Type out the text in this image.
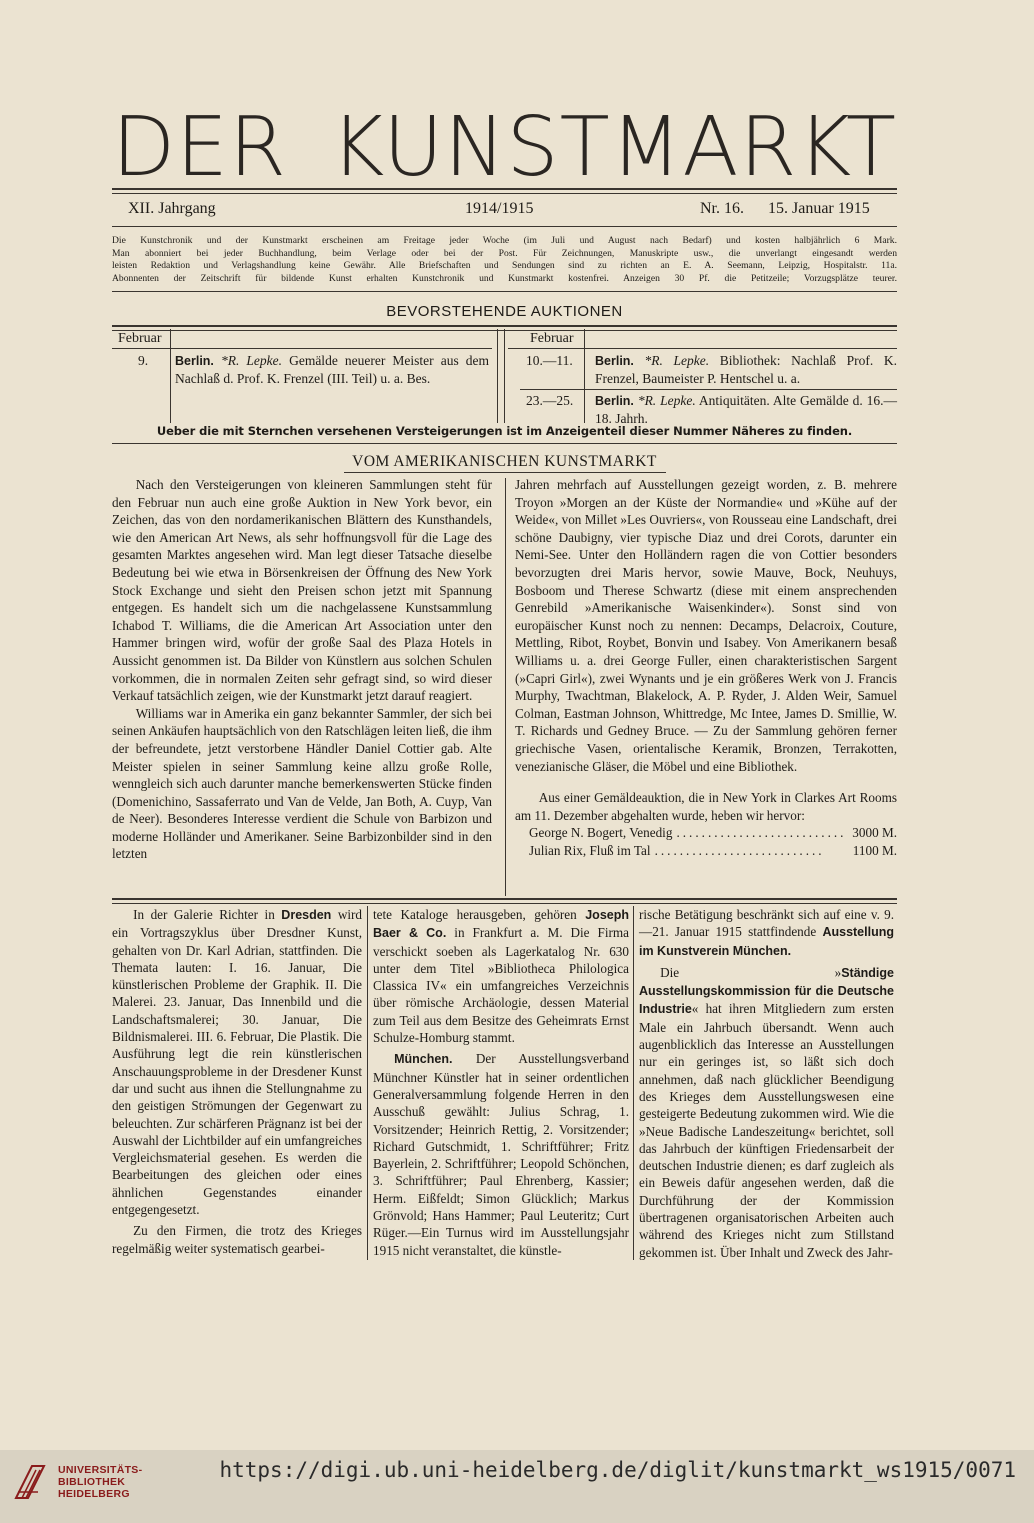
DER KUNSTMARKT
XII. Jahrgang	1914/1915	Nr. 16. 15. Januar 1915

Die Kunstchronik und der Kunstmarkt erscheinen am Freitage jeder Woche (im Juli und August nach Bedarf) und kosten halbjährlich 6 Mark.

Man abonniert bei jeder Buchhandlung, beim Verlage oder bei der Post. Für Zeichnungen, Manuskripte usw., die unverlangt eingesandt werden

leisten Redaktion und Verlagshandlung keine Gewähr. Alle Briefschaften und Sendungen sind zu richten an E. A. Seemann, Leipzig, Hospitalstr. 11a.

Abonnenten der Zeitschrift für bildende Kunst erhalten Kunstchronik und Kunstmarkt kostenfrei. Anzeigen 30 Pf. die Petitzeile; Vorzugsplätze teurer.

BEVORSTEHENDE AUKTIONEN
Februar
9. Berlin. *R. Lepke. Gemälde neuerer Meister aus dem Nachlaß d. Prof. K. Frenzel (III. Teil) u. a. Bes.
Februar
10.—11. Berlin. *R. Lepke. Bibliothek: Nachlaß Prof. K. Frenzel, Baumeister P. Hentschel u. a.
23.—25. Berlin. *R. Lepke. Antiquitäten. Alte Gemälde d. 16.—18. Jahrh.
Ueber die mit Sternchen versehenen Versteigerungen ist im Anzeigenteil dieser Nummer Näheres zu finden.
VOM AMERIKANISCHEN KUNSTMARKT

Nach den Versteigerungen von kleineren Sammlungen steht für den Februar nun auch eine große Auktion in New York bevor, ein Zeichen, das von den nordamerikanischen Blättern des Kunsthandels, wie den American Art News, als sehr hoffnungsvoll für die Lage des gesamten Marktes angesehen wird. Man legt dieser Tatsache dieselbe Bedeutung bei wie etwa in Börsenkreisen der Öffnung des New York Stock Exchange und sieht den Preisen schon jetzt mit Spannung entgegen. Es handelt sich um die nachgelassene Kunstsammlung Ichabod T. Williams, die die American Art Association unter den Hammer bringen wird, wofür der große Saal des Plaza Hotels in Aussicht genommen ist. Da Bilder von Künstlern aus solchen Schulen vorkommen, die in normalen Zeiten sehr gefragt sind, so wird dieser Verkauf tatsächlich zeigen, wie der Kunstmarkt jetzt darauf reagiert.

Williams war in Amerika ein ganz bekannter Sammler, der sich bei seinen Ankäufen hauptsächlich von den Ratschlägen leiten ließ, die ihm der befreundete, jetzt verstorbene Händler Daniel Cottier gab. Alte Meister spielen in seiner Sammlung keine allzu große Rolle, wenngleich sich auch darunter manche bemerkenswerten Stücke finden (Domenichino, Sassaferrato und Van de Velde, Jan Both, A. Cuyp, Van de Neer). Besonderes Interesse verdient die Schule von Barbizon und moderne Holländer und Amerikaner. Seine Barbizonbilder sind in den letzten

Jahren mehrfach auf Ausstellungen gezeigt worden, z. B. mehrere Troyon »Morgen an der Küste der Normandie« und »Kühe auf der Weide«, von Millet »Les Ouvriers«, von Rousseau eine Landschaft, drei schöne Daubigny, vier typische Diaz und drei Corots, darunter ein Nemi-See. Unter den Holländern ragen die von Cottier besonders bevorzugten drei Maris hervor, sowie Mauve, Bock, Neuhuys, Bosboom und Therese Schwartz (diese mit einem ansprechenden Genrebild »Amerikanische Waisenkinder«). Sonst sind von europäischer Kunst noch zu nennen: Decamps, Delacroix, Couture, Mettling, Ribot, Roybet, Bonvin und Isabey. Von Amerikanern besaß Williams u. a. drei George Fuller, einen charakteristischen Sargent (»Capri Girl«), zwei Wynants und je ein größeres Werk von J. Francis Murphy, Twachtman, Blakelock, A. P. Ryder, J. Alden Weir, Samuel Colman, Eastman Johnson, Whittredge, Mc Intee, James D. Smillie, W. T. Richards und Gedney Bruce. — Zu der Sammlung gehören ferner griechische Vasen, orientalische Keramik, Bronzen, Terrakotten, venezianische Gläser, die Möbel und eine Bibliothek.

Aus einer Gemäldeauktion, die in New York in Clarkes Art Rooms am 11. Dezember abgehalten wurde, heben wir hervor:

George N. Bogert, Venedig ........................... 3000 M.
Julian Rix, Fluß im Tal ...........................	1100 M.

In der Galerie Richter in Dresden wird ein Vortragszyklus über Dresdner Kunst, gehalten von Dr. Karl Adrian, stattfinden. Die Themata lauten: I. 16. Januar, Die künstlerischen Probleme der Graphik. II. Die Malerei. 23. Januar, Das Innenbild und die Landschaftsmalerei; 30. Januar, Die Bildnismalerei. III. 6. Februar, Die Plastik. Die Ausführung legt die rein künstlerischen Anschauungsprobleme in der Dresdener Kunst dar und sucht aus ihnen die Stellungnahme zu den geistigen Strömungen der Gegenwart zu beleuchten. Zur schärferen Prägnanz ist bei der Auswahl der Lichtbilder auf ein umfangreiches Vergleichsmaterial gesehen. Es werden die Bearbeitungen des gleichen oder eines ähnlichen Gegenstandes einander entgegengesetzt.

Zu den Firmen, die trotz des Krieges regelmäßig weiter systematisch gearbei-

tete Kataloge herausgeben, gehören Joseph Baer & Co. in Frankfurt a. M. Die Firma verschickt soeben als Lagerkatalog Nr. 630 unter dem Titel »Bibliotheca Philologica Classica IV« ein umfangreiches Verzeichnis über römische Archäologie, dessen Material zum Teil aus dem Besitze des Geheimrats Ernst Schulze-Homburg stammt.

München. Der Ausstellungsverband Münchner Künstler hat in seiner ordentlichen Generalversammlung folgende Herren in den Ausschuß gewählt: Julius Schrag, 1. Vorsitzender; Heinrich Rettig, 2. Vorsitzender; Richard Gutschmidt, 1. Schriftführer; Fritz Bayerlein, 2. Schriftführer; Leopold Schönchen, 3. Schriftführer; Paul Ehrenberg, Kassier; Herm. Eißfeldt; Simon Glücklich; Markus Grönvold; Hans Hammer; Paul Leuteritz; Curt Rüger.—Ein Turnus wird im Ausstellungsjahr 1915 nicht veranstaltet, die künstle-

rische Betätigung beschränkt sich auf eine v. 9.—21. Januar 1915 stattfindende Ausstellung im Kunstverein München.

Die »Ständige Ausstellungskommission für die Deutsche Industrie« hat ihren Mitgliedern zum ersten Male ein Jahrbuch übersandt. Wenn auch augenblicklich das Interesse an Ausstellungen nur ein geringes ist, so läßt sich doch annehmen, daß nach glücklicher Beendigung des Krieges dem Ausstellungswesen eine gesteigerte Bedeutung zukommen wird. Wie die »Neue Badische Landeszeitung« berichtet, soll das Jahrbuch der künftigen Friedensarbeit der deutschen Industrie dienen; es darf zugleich als ein Beweis dafür angesehen werden, daß die Durchführung der der Kommission übertragenen organisatorischen Arbeiten auch während des Krieges nicht zum Stillstand gekommen ist. Über Inhalt und Zweck des Jahr-

UNIVERSITÄTS-
BIBLIOTHEK
HEIDELBERG
https://digi.ub.uni-heidelberg.de/diglit/kunstmarkt_ws1915/0071
